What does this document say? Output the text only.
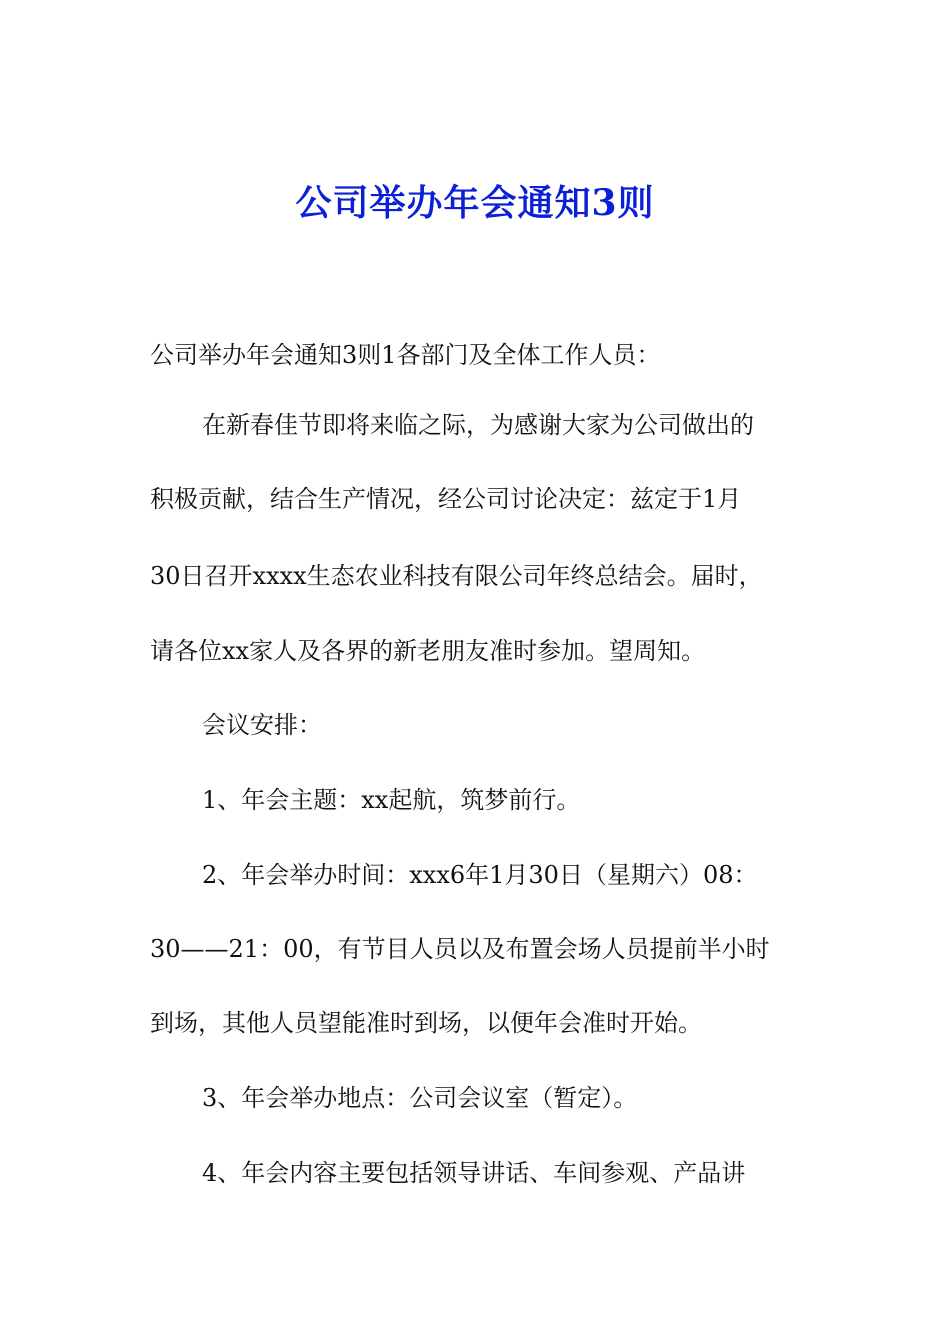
公司举办年会通知3则
公司举办年会通知3则1各部门及全体工作人员：
在新春佳节即将来临之际，为感谢大家为公司做出的
积极贡献，结合生产情况，经公司讨论决定：兹定于1月
30日召开xxxx生态农业科技有限公司年终总结会。届时，
请各位xx家人及各界的新老朋友准时参加。望周知。
会议安排：
1、年会主题：xx起航，筑梦前行。
2、年会举办时间：xxx6年1月30日（星期六）08：
30——21：00，有节目人员以及布置会场人员提前半小时
到场，其他人员望能准时到场，以便年会准时开始。
3、年会举办地点：公司会议室（暂定）。
4、年会内容主要包括领导讲话、车间参观、产品讲
